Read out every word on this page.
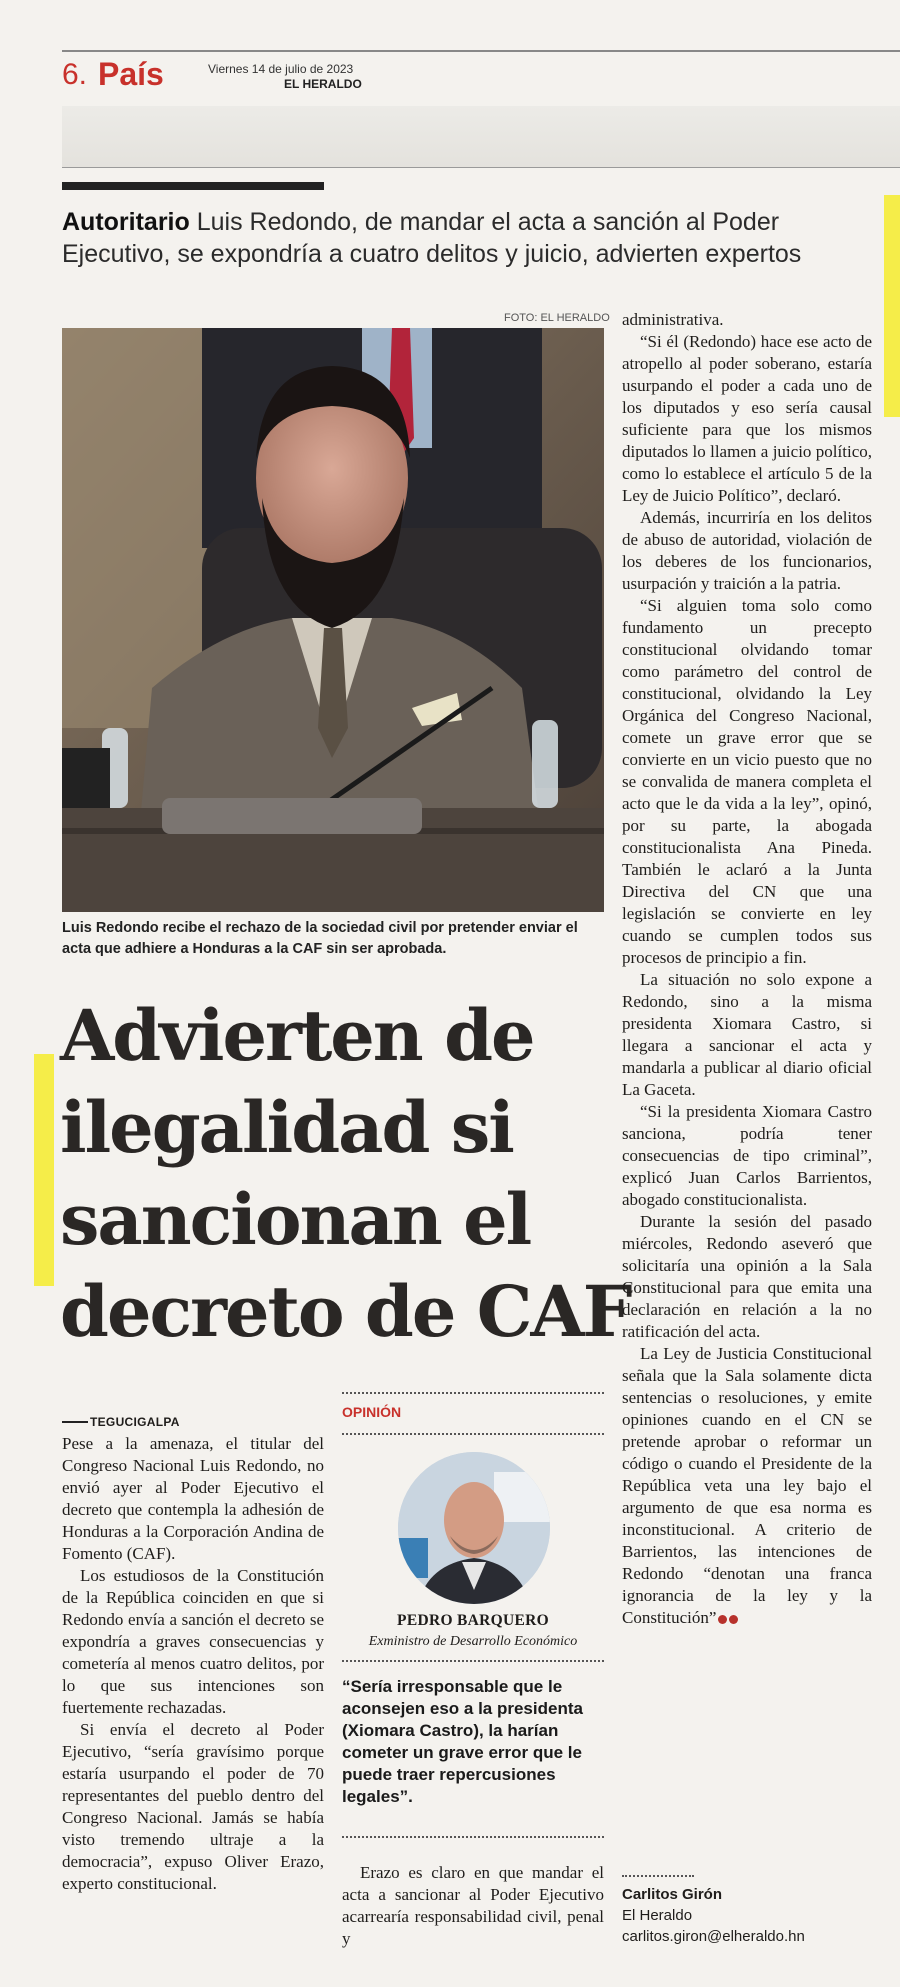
6. País	Viernes 14 de julio de 2023
EL HERALDO
Autoritario Luis Redondo, de mandar el acta a sanción al Poder Ejecutivo, se expondría a cuatro delitos y juicio, advierten expertos
FOTO: EL HERALDO
Luis Redondo recibe el rechazo de la sociedad civil por pretender enviar el acta que adhiere a Honduras a la CAF sin ser aprobada.
Advierten de
ilegalidad si
sancionan el
decreto de CAF

TEGUCIGALPA

Pese a la amenaza, el titular del Congreso Nacional Luis Redondo, no envió ayer al Poder Ejecutivo el decreto que contempla la adhesión de Honduras a la Corporación Andina de Fomento (CAF).

Los estudiosos de la Constitución de la República coinciden en que si Redondo envía a sanción el decreto se expondría a graves consecuencias y cometería al menos cuatro delitos, por lo que sus intenciones son fuertemente rechazadas.

Si envía el decreto al Poder Ejecutivo, “sería gravísimo porque estaría usurpando el poder de 70 representantes del pueblo dentro del Congreso Nacional. Jamás se había visto tremendo ultraje a la democracia”, expuso Oliver Erazo, experto constitucional.

OPINIÓN
PEDRO BARQUERO
Exministro de Desarrollo Económico
“Sería irresponsable que le aconsejen eso a la presidenta (Xiomara Castro), la harían cometer un grave error que le puede traer repercusiones legales”.

Erazo es claro en que mandar el acta a sancionar al Poder Ejecutivo acarrearía responsabilidad civil, penal y

administrativa.

“Si él (Redondo) hace ese acto de atropello al poder soberano, estaría usurpando el poder a cada uno de los diputados y eso sería causal suficiente para que los mismos diputados lo llamen a juicio político, como lo establece el artículo 5 de la Ley de Juicio Político”, declaró.

Además, incurriría en los delitos de abuso de autoridad, violación de los deberes de los funcionarios, usurpación y traición a la patria.

“Si alguien toma solo como fundamento un precepto constitucional olvidando tomar como parámetro del control de constitucional, olvidando la Ley Orgánica del Congreso Nacional, comete un grave error que se convierte en un vicio puesto que no se convalida de manera completa el acto que le da vida a la ley”, opinó, por su parte, la abogada constitucionalista Ana Pineda. También le aclaró a la Junta Directiva del CN que una legislación se convierte en ley cuando se cumplen todos sus procesos de principio a fin.

La situación no solo expone a Redondo, sino a la misma presidenta Xiomara Castro, si llegara a sancionar el acta y mandarla a publicar al diario oficial La Gaceta.

“Si la presidenta Xiomara Castro sanciona, podría tener consecuencias de tipo criminal”, explicó Juan Carlos Barrientos, abogado constitucionalista.

Durante la sesión del pasado miércoles, Redondo aseveró que solicitaría una opinión a la Sala Constitucional para que emita una declaración en relación a la no ratificación del acta.

La Ley de Justicia Constitucional señala que la Sala solamente dicta sentencias o resoluciones, y emite opiniones cuando en el CN se pretende aprobar o reformar un código o cuando el Presidente de la República veta una ley bajo el argumento de que esa norma es inconstitucional. A criterio de Barrientos, las intenciones de Redondo “denotan una franca ignorancia de la ley y la Constitución”

Carlitos Girón
El Heraldo
carlitos.giron@elheraldo.hn
